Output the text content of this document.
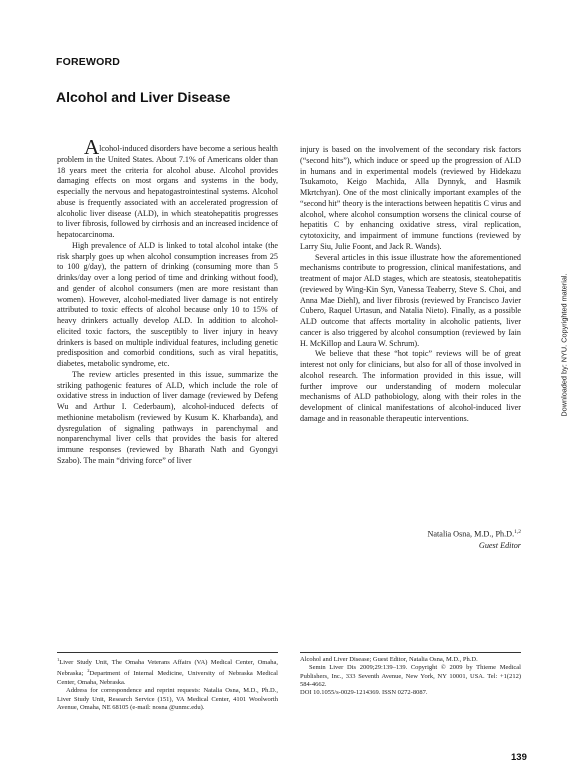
FOREWORD
Alcohol and Liver Disease

Alcohol-induced disorders have become a serious health problem in the United States. About 7.1% of Americans older than 18 years meet the criteria for alcohol abuse. Alcohol provides damaging effects on most organs and systems in the body, especially the nervous and hepatogastrointestinal systems. Alcohol abuse is frequently associated with an accelerated progression of alcoholic liver disease (ALD), in which steatohepatitis progresses to liver fibrosis, followed by cirrhosis and an increased incidence of hepatocarcinoma.

High prevalence of ALD is linked to total alcohol intake (the risk sharply goes up when alcohol consumption increases from 25 to 100 g/day), the pattern of drinking (consuming more than 5 drinks/day over a long period of time and drinking without food), and gender of alcohol consumers (men are more resistant than women). However, alcohol-mediated liver damage is not entirely attributed to toxic effects of alcohol because only 10 to 15% of heavy drinkers actually develop ALD. In addition to alcohol-elicited toxic factors, the susceptibly to liver injury in heavy drinkers is based on multiple individual features, including genetic predisposition and comorbid conditions, such as viral hepatitis, diabetes, metabolic syndrome, etc.

The review articles presented in this issue, summarize the striking pathogenic features of ALD, which include the role of oxidative stress in induction of liver damage (reviewed by Defeng Wu and Arthur I. Cederbaum), alcohol-induced defects of methionine metabolism (reviewed by Kusum K. Kharbanda), and dysregulation of signaling pathways in parenchymal and nonparenchymal liver cells that provides the basis for altered immune responses (reviewed by Bharath Nath and Gyongyi Szabo). The main “driving force” of liver

injury is based on the involvement of the secondary risk factors (“second hits”), which induce or speed up the progression of ALD in humans and in experimental models (reviewed by Hidekazu Tsukamoto, Keigo Machida, Alla Dynnyk, and Hasmik Mkrtchyan). One of the most clinically important examples of the “second hit” theory is the interactions between hepatitis C virus and alcohol, where alcohol consumption worsens the clinical course of hepatitis C by enhancing oxidative stress, viral replication, cytotoxicity, and impairment of immune functions (reviewed by Larry Siu, Julie Foont, and Jack R. Wands).

Several articles in this issue illustrate how the aforementioned mechanisms contribute to progression, clinical manifestations, and treatment of major ALD stages, which are steatosis, steatohepatitis (reviewed by Wing-Kin Syn, Vanessa Teaberry, Steve S. Choi, and Anna Mae Diehl), and liver fibrosis (reviewed by Francisco Javier Cubero, Raquel Urtasun, and Natalia Nieto). Finally, as a possible ALD outcome that affects mortality in alcoholic patients, liver cancer is also triggered by alcohol consumption (reviewed by Iain H. McKillop and Laura W. Schrum).

We believe that these “hot topic” reviews will be of great interest not only for clinicians, but also for all of those involved in alcohol research. The information provided in this issue, will further improve our understanding of modern molecular mechanisms of ALD pathobiology, along with their roles in the development of clinical manifestations of alcohol-induced liver damage and in reasonable therapeutic interventions.

Natalia Osna, M.D., Ph.D.$^{1,2}$
Guest Editor

$^1$Liver Study Unit, The Omaha Veterans Affairs (VA) Medical Center, Omaha, Nebraska; $^2$Department of Internal Medicine, University of Nebraska Medical Center, Omaha, Nebraska.

Address for correspondence and reprint requests: Natalia Osna, M.D., Ph.D., Liver Study Unit, Research Service (151), VA Medical Center, 4101 Woolworth Avenue, Omaha, NE 68105 (e-mail: nosna @unmc.edu).

Alcohol and Liver Disease; Guest Editor, Natalia Osna, M.D., Ph.D.

Semin Liver Dis 2009;29:139–139. Copyright © 2009 by Thieme Medical Publishers, Inc., 333 Seventh Avenue, New York, NY 10001, USA. Tel: +1(212) 584-4662.

DOI 10.1055/s-0029-1214369. ISSN 0272-8087.

Downloaded by: NYU. Copyrighted material.
139
